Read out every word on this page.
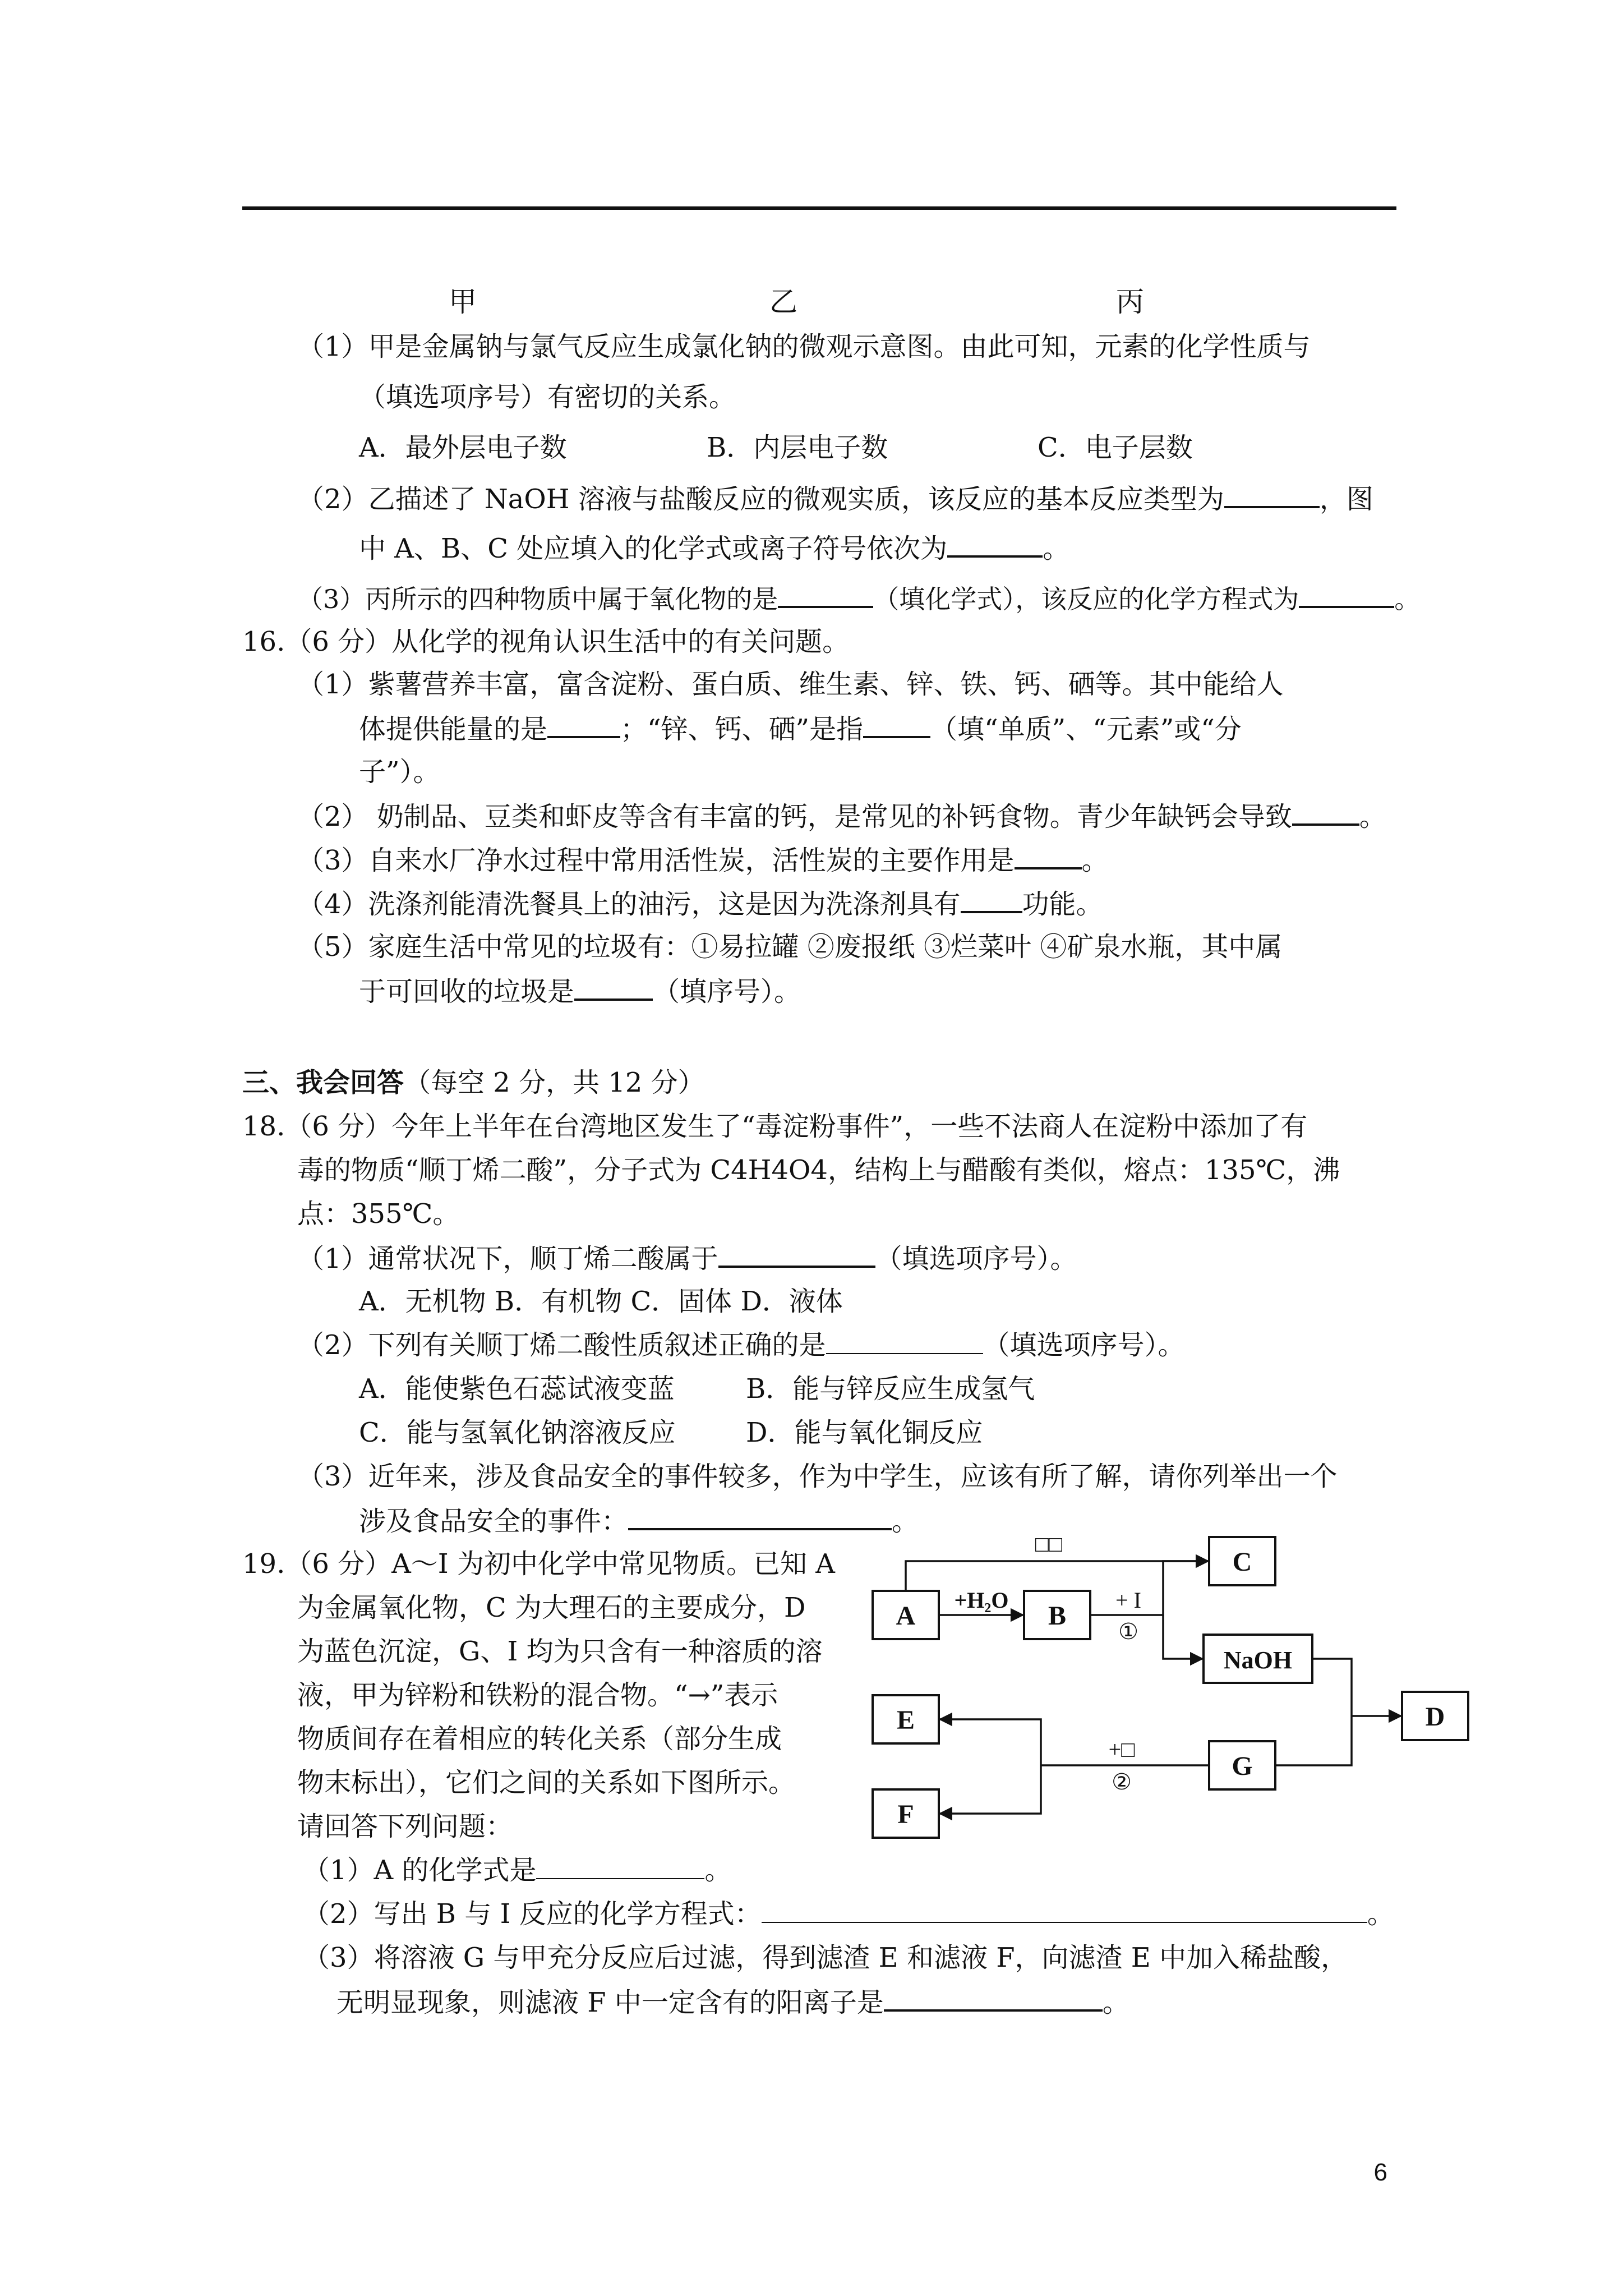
甲	乙	丙
（1）甲是金属钠与氯气反应生成氯化钠的微观示意图。由此可知，元素的化学性质与
（填选项序号）有密切的关系。
A．最外层电子数	B．内层电子数	C．电子层数
（2）乙描述了 NaOH 溶液与盐酸反应的微观实质，该反应的基本反应类型为	，图
中 A、B、C 处应填入的化学式或离子符号依次为	。
（3）丙所示的四种物质中属于氧化物的是	（填化学式），该反应的化学方程式为	。
16.（6 分）从化学的视角认识生活中的有关问题。
（1）紫薯营养丰富，富含淀粉、蛋白质、维生素、锌、铁、钙、硒等。其中能给人
体提供能量的是	；“锌、钙、硒”是指	（填“单质”、“元素”或“分
子”）。
（2） 奶制品、豆类和虾皮等含有丰富的钙，是常见的补钙食物。青少年缺钙会导致	。
（3）自来水厂净水过程中常用活性炭，活性炭的主要作用是	。
（4）洗涤剂能清洗餐具上的油污，这是因为洗涤剂具有 功能。
（5）家庭生活中常见的垃圾有：①易拉罐 ②废报纸 ③烂菜叶 ④矿泉水瓶，其中属
于可回收的垃圾是	（填序号）。
三、我会回答（每空 2 分，共 12 分）
18.（6 分）今年上半年在台湾地区发生了“毒淀粉事件”，一些不法商人在淀粉中添加了有
毒的物质“顺丁烯二酸”，分子式为 C4H4O4，结构上与醋酸有类似，熔点：135℃，沸
点：355℃。
（1）通常状况下，顺丁烯二酸属于	（填选项序号）。
A．无机物 B．有机物 C．固体 D．液体
（2）下列有关顺丁烯二酸性质叙述正确的是	（填选项序号）。
A．能使紫色石蕊试液变蓝	B．能与锌反应生成氢气
C．能与氢氧化钠溶液反应	D．能与氧化铜反应
（3）近年来，涉及食品安全的事件较多，作为中学生，应该有所了解，请你列举出一个
涉及食品安全的事件：	。
19.（6 分）A～I 为初中化学中常见物质。已知 A
为金属氧化物，C 为大理石的主要成分，D
为蓝色沉淀，G、I 均为只含有一种溶质的溶
液，甲为锌粉和铁粉的混合物。“→”表示
物质间存在着相应的转化关系（部分生成
物末标出），它们之间的关系如下图所示。
请回答下列问题：
（1）A 的化学式是	。
（2）写出 B 与 I 反应的化学方程式：	。
（3）将溶液 G 与甲充分反应后过滤，得到滤渣 E 和滤液 F，向滤渣 E 中加入稀盐酸，
无明显现象，则滤液 F 中一定含有的阳离子是	。
A	B
C
NaOH
D
E
F
G
□□
+H₂O	+ I
①
+□
②
6
